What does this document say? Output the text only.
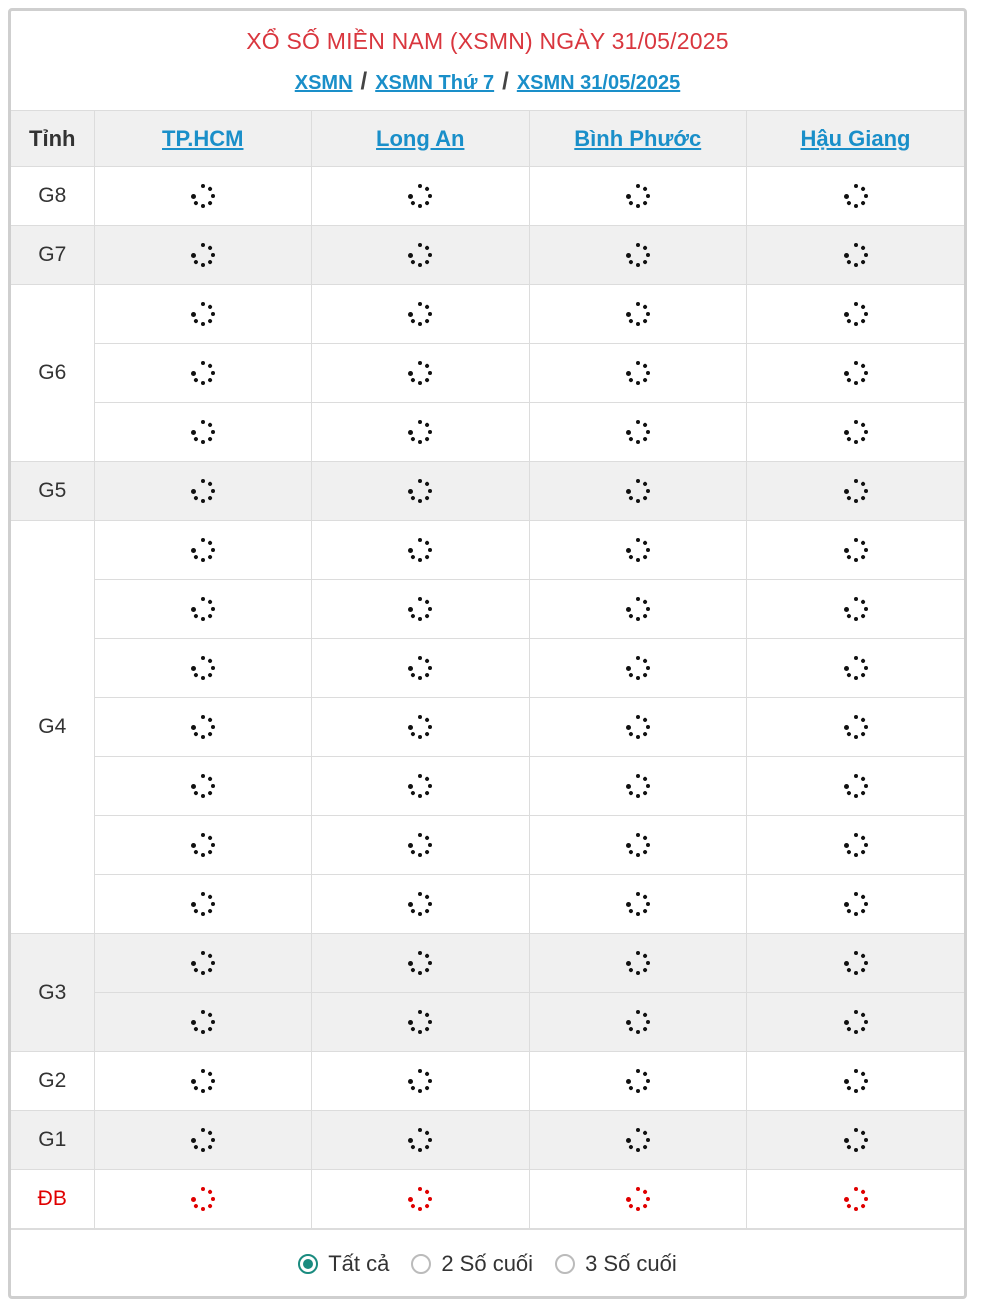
XỔ SỐ MIỀN NAM (XSMN) NGÀY 31/05/2025
XSMN / XSMN Thứ 7 / XSMN 31/05/2025
Tỉnh	TP.HCM	Long An	Bình Phước	Hậu Giang
G8	

G7	

G6	

G5	

G4	

G3	

G2	

G1	

ĐB	

Tất cả 2 Số cuối 3 Số cuối
